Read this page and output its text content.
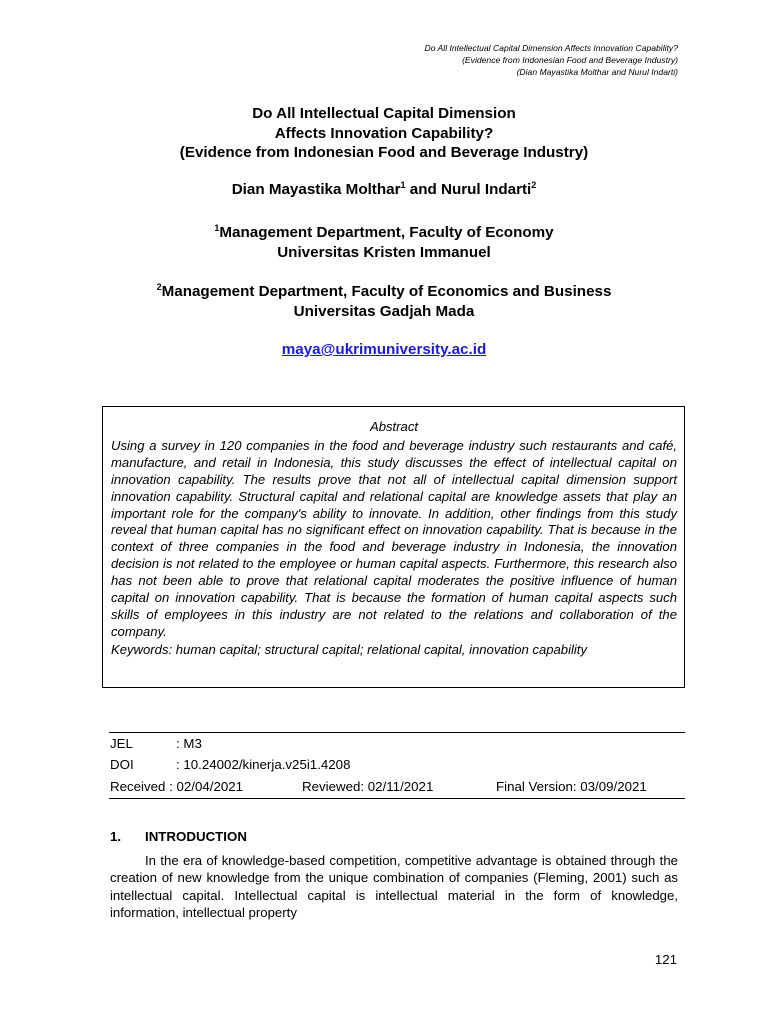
Do All Intellectual Capital Dimension Affects Innovation Capability?
(Evidence from Indonesian Food and Beverage Industry)
(Dian Mayastika Molthar and Nurul Indarti)
Do All Intellectual Capital Dimension
Affects Innovation Capability?
(Evidence from Indonesian Food and Beverage Industry)
Dian Mayastika Molthar$^1$ and Nurul Indarti$^2$
$^1$Management Department, Faculty of Economy
Universitas Kristen Immanuel
$^2$Management Department, Faculty of Economics and Business
Universitas Gadjah Mada
maya@ukrimuniversity.ac.id
Abstract
Using a survey in 120 companies in the food and beverage industry such restaurants and café, manufacture, and retail in Indonesia, this study discusses the effect of intellectual capital on innovation capability. The results prove that not all of intellectual capital dimension support innovation capability. Structural capital and relational capital are knowledge assets that play an important role for the company's ability to innovate. In addition, other findings from this study reveal that human capital has no significant effect on innovation capability. That is because in the context of three companies in the food and beverage industry in Indonesia, the innovation decision is not related to the employee or human capital aspects. Furthermore, this research also has not been able to prove that relational capital moderates the positive influence of human capital on innovation capability. That is because the formation of human capital aspects such skills of employees in this industry are not related to the relations and collaboration of the company.
Keywords: human capital; structural capital; relational capital, innovation capability
JEL	: M3
DOI	: 10.24002/kinerja.v25i1.4208
Received : 02/04/2021	Reviewed: 02/11/2021	Final Version: 03/09/2021
1. INTRODUCTION
In the era of knowledge-based competition, competitive advantage is obtained through the creation of new knowledge from the unique combination of companies (Fleming, 2001) such as intellectual capital. Intellectual capital is intellectual material in the form of knowledge, information, intellectual property
121
